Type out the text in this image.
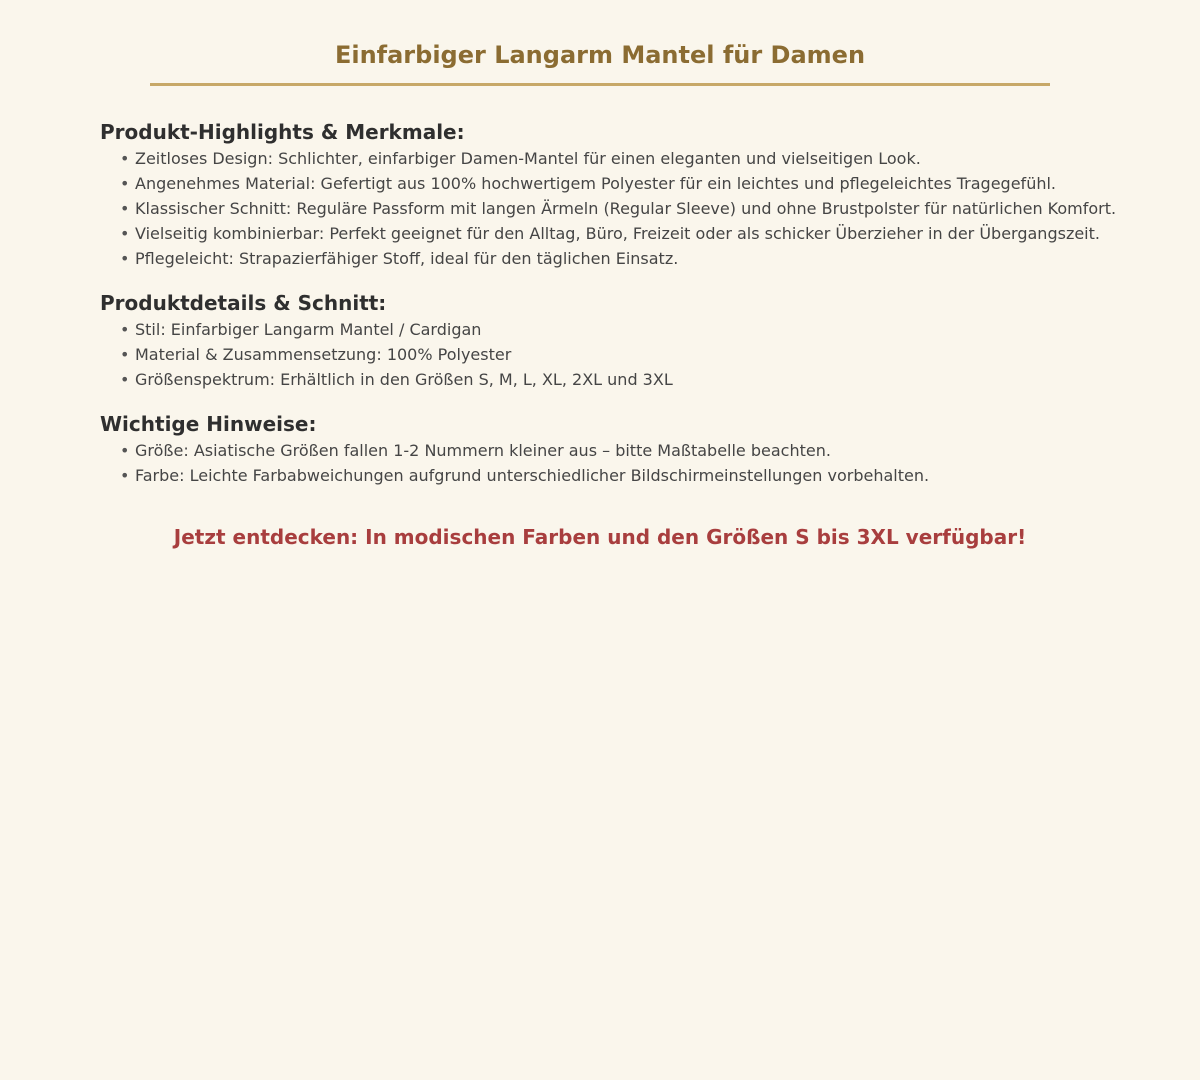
Einfarbiger Langarm Mantel für Damen
Produkt-Highlights & Merkmale:
• Zeitloses Design: Schlichter, einfarbiger Damen-Mantel für einen eleganten und vielseitigen Look.
• Angenehmes Material: Gefertigt aus 100% hochwertigem Polyester für ein leichtes und pflegeleichtes Tragegefühl.
• Klassischer Schnitt: Reguläre Passform mit langen Ärmeln (Regular Sleeve) und ohne Brustpolster für natürlichen Komfort.
• Vielseitig kombinierbar: Perfekt geeignet für den Alltag, Büro, Freizeit oder als schicker Überzieher in der Übergangszeit.
• Pflegeleicht: Strapazierfähiger Stoff, ideal für den täglichen Einsatz.
Produktdetails & Schnitt:
• Stil: Einfarbiger Langarm Mantel / Cardigan
• Material & Zusammensetzung: 100% Polyester
• Größenspektrum: Erhältlich in den Größen S, M, L, XL, 2XL und 3XL
Wichtige Hinweise:
• Größe: Asiatische Größen fallen 1-2 Nummern kleiner aus – bitte Maßtabelle beachten.
• Farbe: Leichte Farbabweichungen aufgrund unterschiedlicher Bildschirmeinstellungen vorbehalten.

Jetzt entdecken: In modischen Farben und den Größen S bis 3XL verfügbar!
